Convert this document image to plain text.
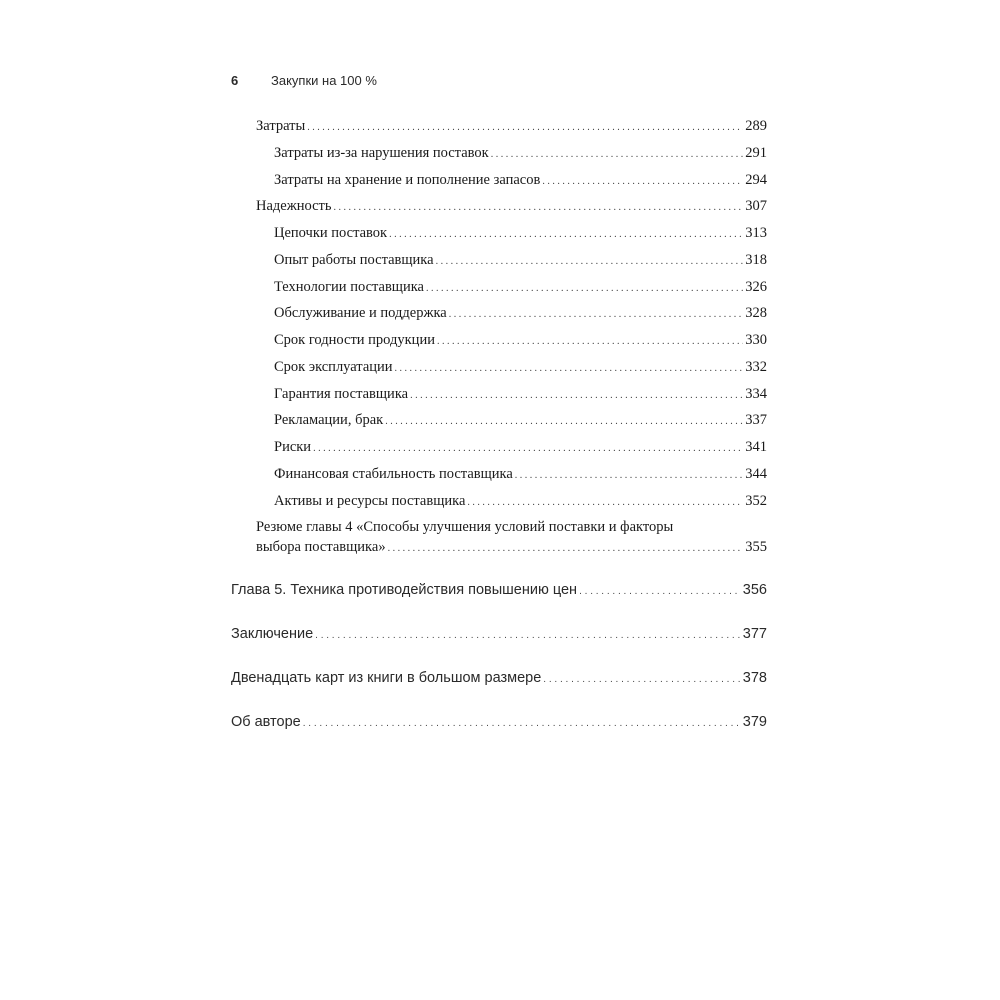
6	Закупки на 100 %
Затраты . . .	289
Затраты из-за нарушения поставок . . .	291
Затраты на хранение и пополнение запасов . . .	294
Надежность . . .	307
Цепочки поставок . . .	313
Опыт работы поставщика . . .	318
Технологии поставщика . . .	326
Обслуживание и поддержка . . .	328
Срок годности продукции . . .	330
Срок эксплуатации . . .	332
Гарантия поставщика . . .	334
Рекламации, брак . . .	337
Риски . . .	341
Финансовая стабильность поставщика . . .	344
Активы и ресурсы поставщика . . .	352
Резюме главы 4 «Способы улучшения условий поставки и факторы
выбора поставщика» . . .	355
Глава 5. Техника противодействия повышению цен . . .	356
Заключение . . .	377
Двенадцать карт из книги в большом размере . . .	378
Об авторе . . .	379
